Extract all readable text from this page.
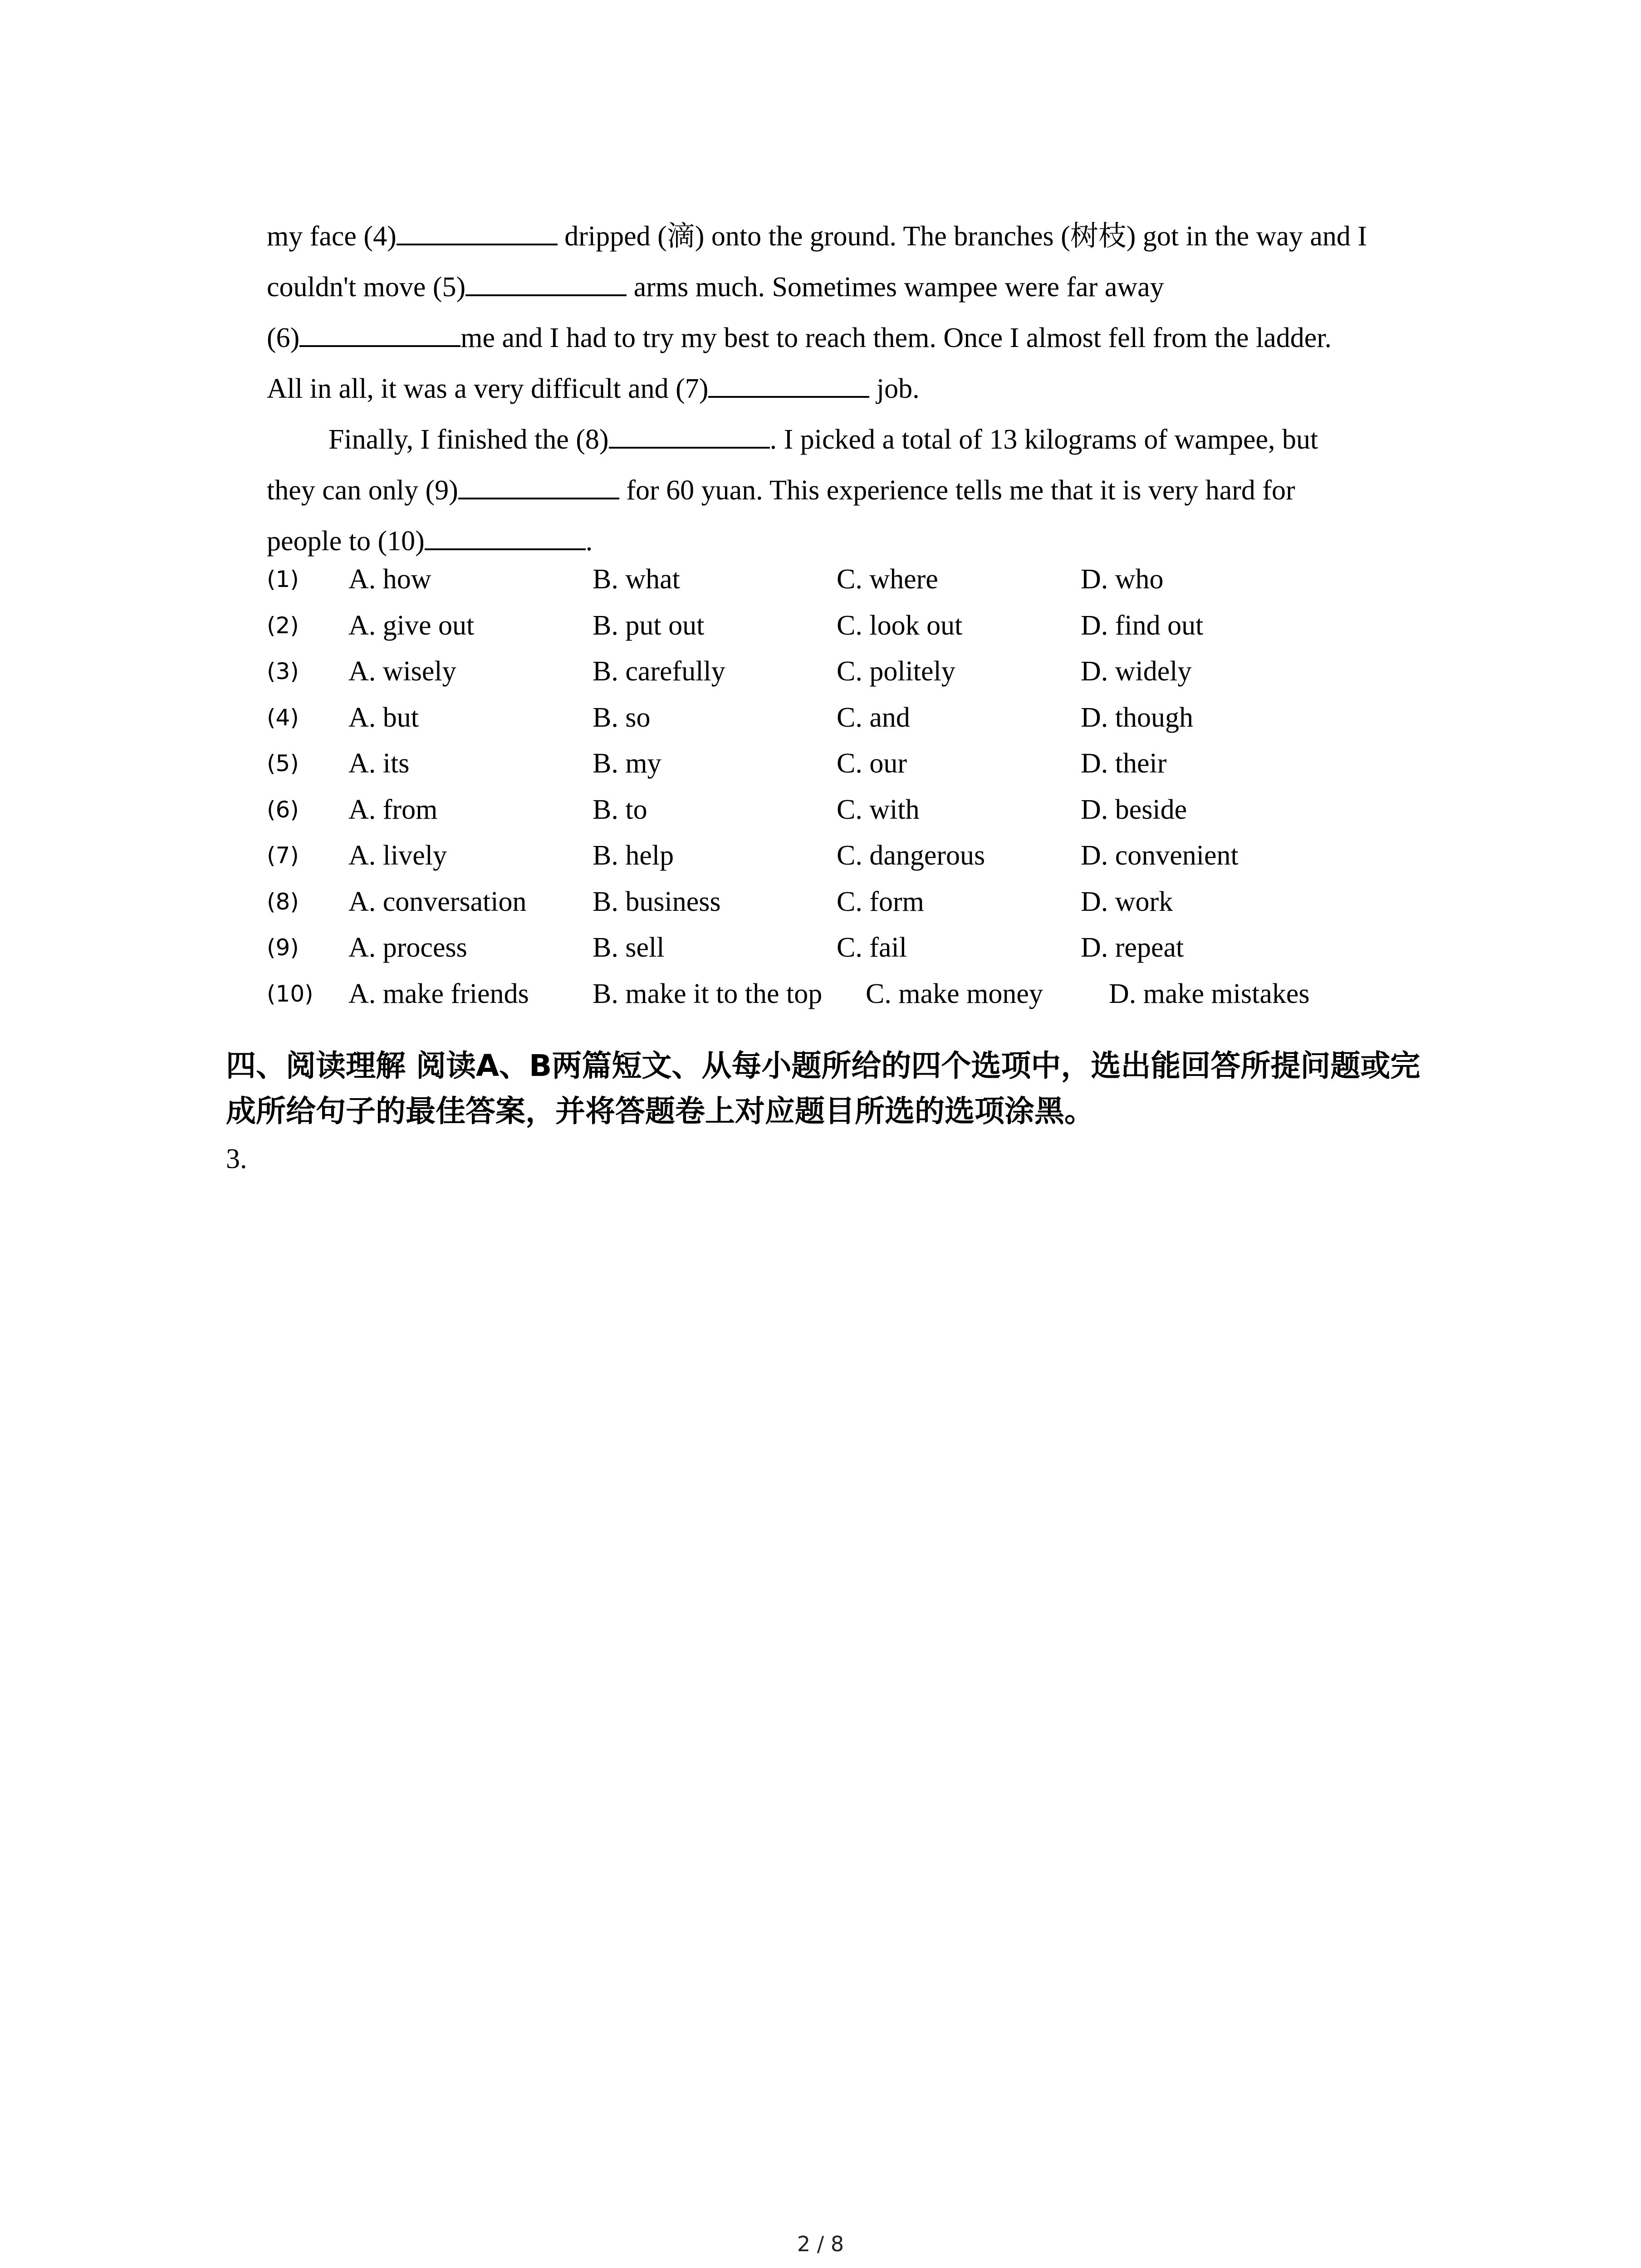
my face (4)	dripped (滴) onto the ground. The branches (树枝) got in the way and I
couldn't move (5)	arms much. Sometimes wampee were far away
(6)	me and I had to try my best to reach them. Once I almost fell from the ladder.
All in all, it was a very difficult and (7)	job.
Finally, I finished the (8)	. I picked a total of 13 kilograms of wampee, but
they can only (9)	for 60 yuan. This experience tells me that it is very hard for
people to (10)	.
(1) A. how	B. what	C. where	D. who
(2) A. give out	B. put out	C. look out	D. find out
(3) A. wisely	B. carefully	C. politely	D. widely
(4) A. but	B. so	C. and	D. though
(5) A. its	B. my	C. our	D. their
(6) A. from	B. to	C. with	D. beside
(7) A. lively	B. help	C. dangerous	D. convenient
(8) A. conversation B. business	C. form	D. work
(9) A. process	B. sell	C. fail	D. repeat
(10) A. make friends B. make it to the top C. make money D. make mistakes
四、阅读理解 阅读A、B两篇短文、从每小题所给的四个选项中，选出能回答所提问题或完
成所给句子的最佳答案，并将答题卷上对应题目所选的选项涂黑。
3.
2 / 8
